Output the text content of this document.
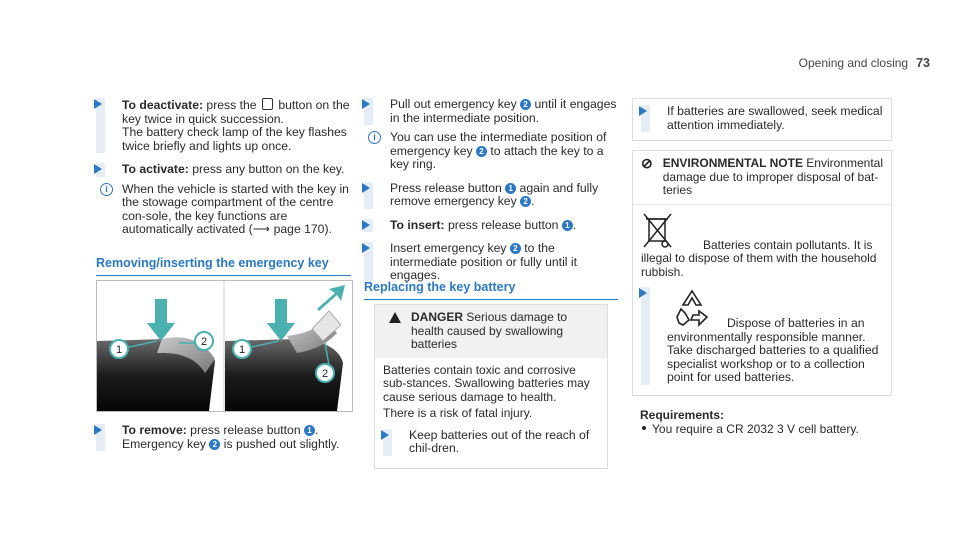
Opening and closing 73
To deactivate: press the  button on the key twice in quick succession.
The battery check lamp of the key flashes twice briefly and lights up once.
To activate: press any button on the key.
i	When the vehicle is started with the key in the stowage compartment of the centre con-sole, the key functions are automatically activated (⟶ page 170).
Removing/inserting the emergency key
1
2
1
2
To remove: press release button 1 .
Emergency key 2 is pushed out slightly.
Pull out emergency key 2 until it engages in the intermediate position.
i	You can use the intermediate position of emergency key 2 to attach the key to a key ring.
Press release button 1 again and fully remove emergency key 2 .
To insert: press release button 1 .
Insert emergency key 2 to the intermediate position or fully until it engages.
Replacing the key battery
DANGER Serious damage to health caused by swallowing batteries
Batteries contain toxic and corrosive sub-stances. Swallowing batteries may cause serious damage to health.
There is a risk of fatal injury.
Keep batteries out of the reach of chil-dren.
If batteries are swallowed, seek medical attention immediately.
⊘ ENVIRONMENTAL NOTE Environmental damage due to improper disposal of bat-teries
Batteries contain pollutants. It is illegal to dispose of them with the household rubbish.
Dispose of batteries in an environmentally responsible manner. Take discharged batteries to a qualified specialist workshop or to a collection point for used batteries.
Requirements:
You require a CR 2032 3 V cell battery.
